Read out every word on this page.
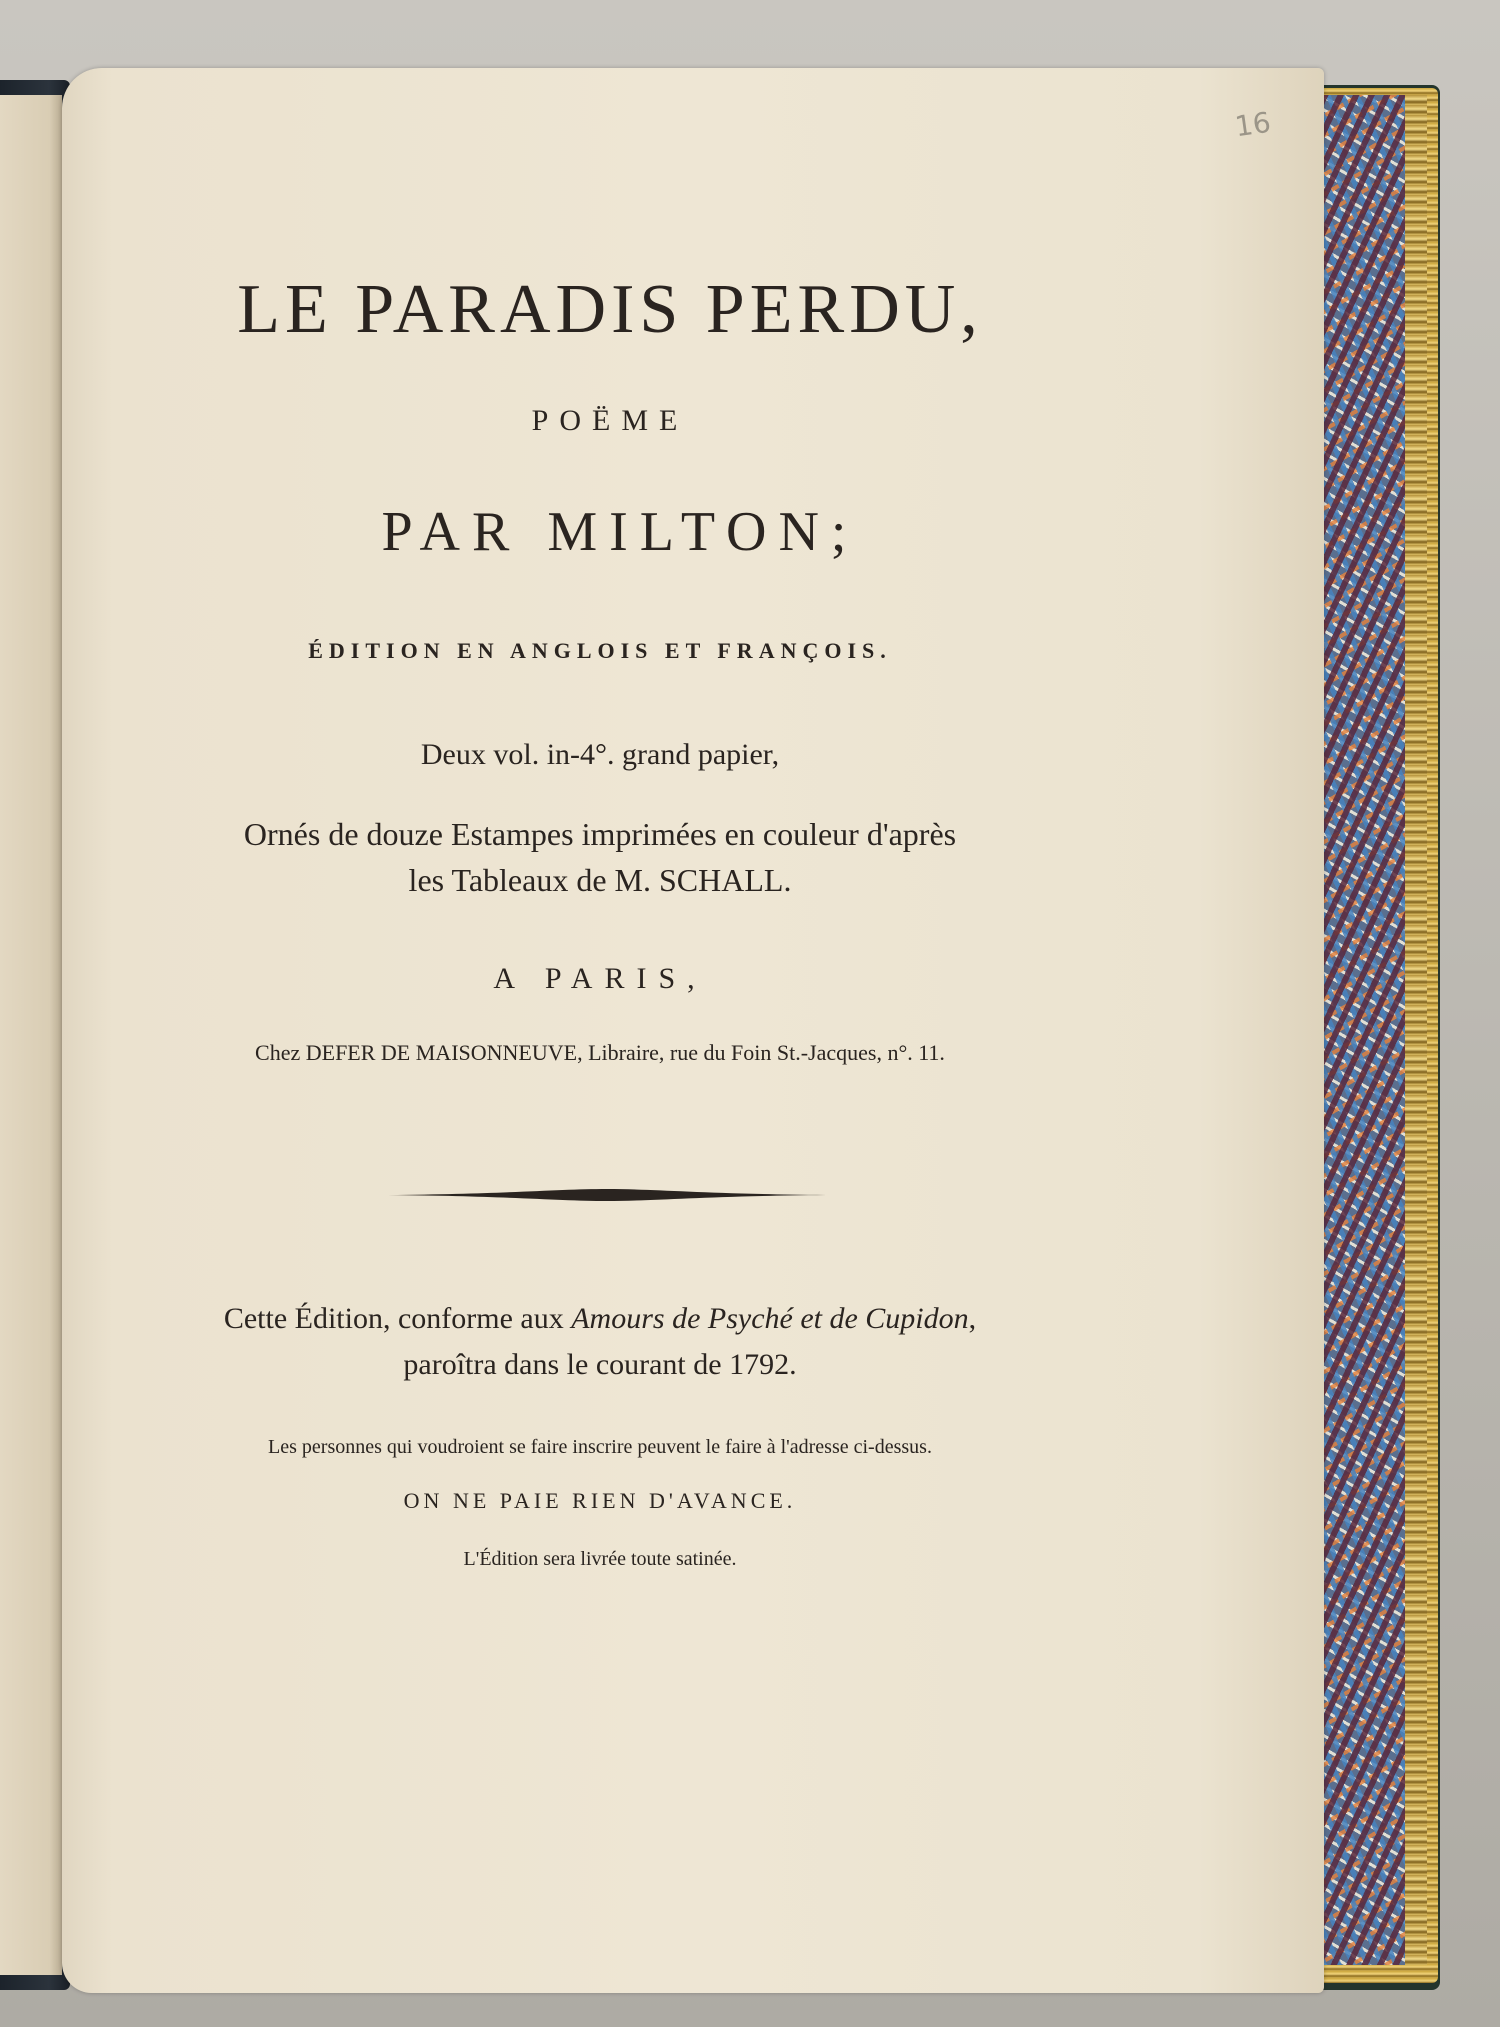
16
LE PARADIS PERDU,
POËME
PAR MILTON;
ÉDITION EN ANGLOIS ET FRANÇOIS.
Deux vol. in-4°. grand papier,
Ornés de douze Estampes imprimées en couleur d'après
les Tableaux de M. SCHALL.
A PARIS,
Chez DEFER DE MAISONNEUVE, Libraire, rue du Foin St.-Jacques, n°. 11.
Cette Édition, conforme aux Amours de Psyché et de Cupidon,
paroîtra dans le courant de 1792.
Les personnes qui voudroient se faire inscrire peuvent le faire à l'adresse ci-dessus.
ON NE PAIE RIEN D'AVANCE.
L'Édition sera livrée toute satinée.
